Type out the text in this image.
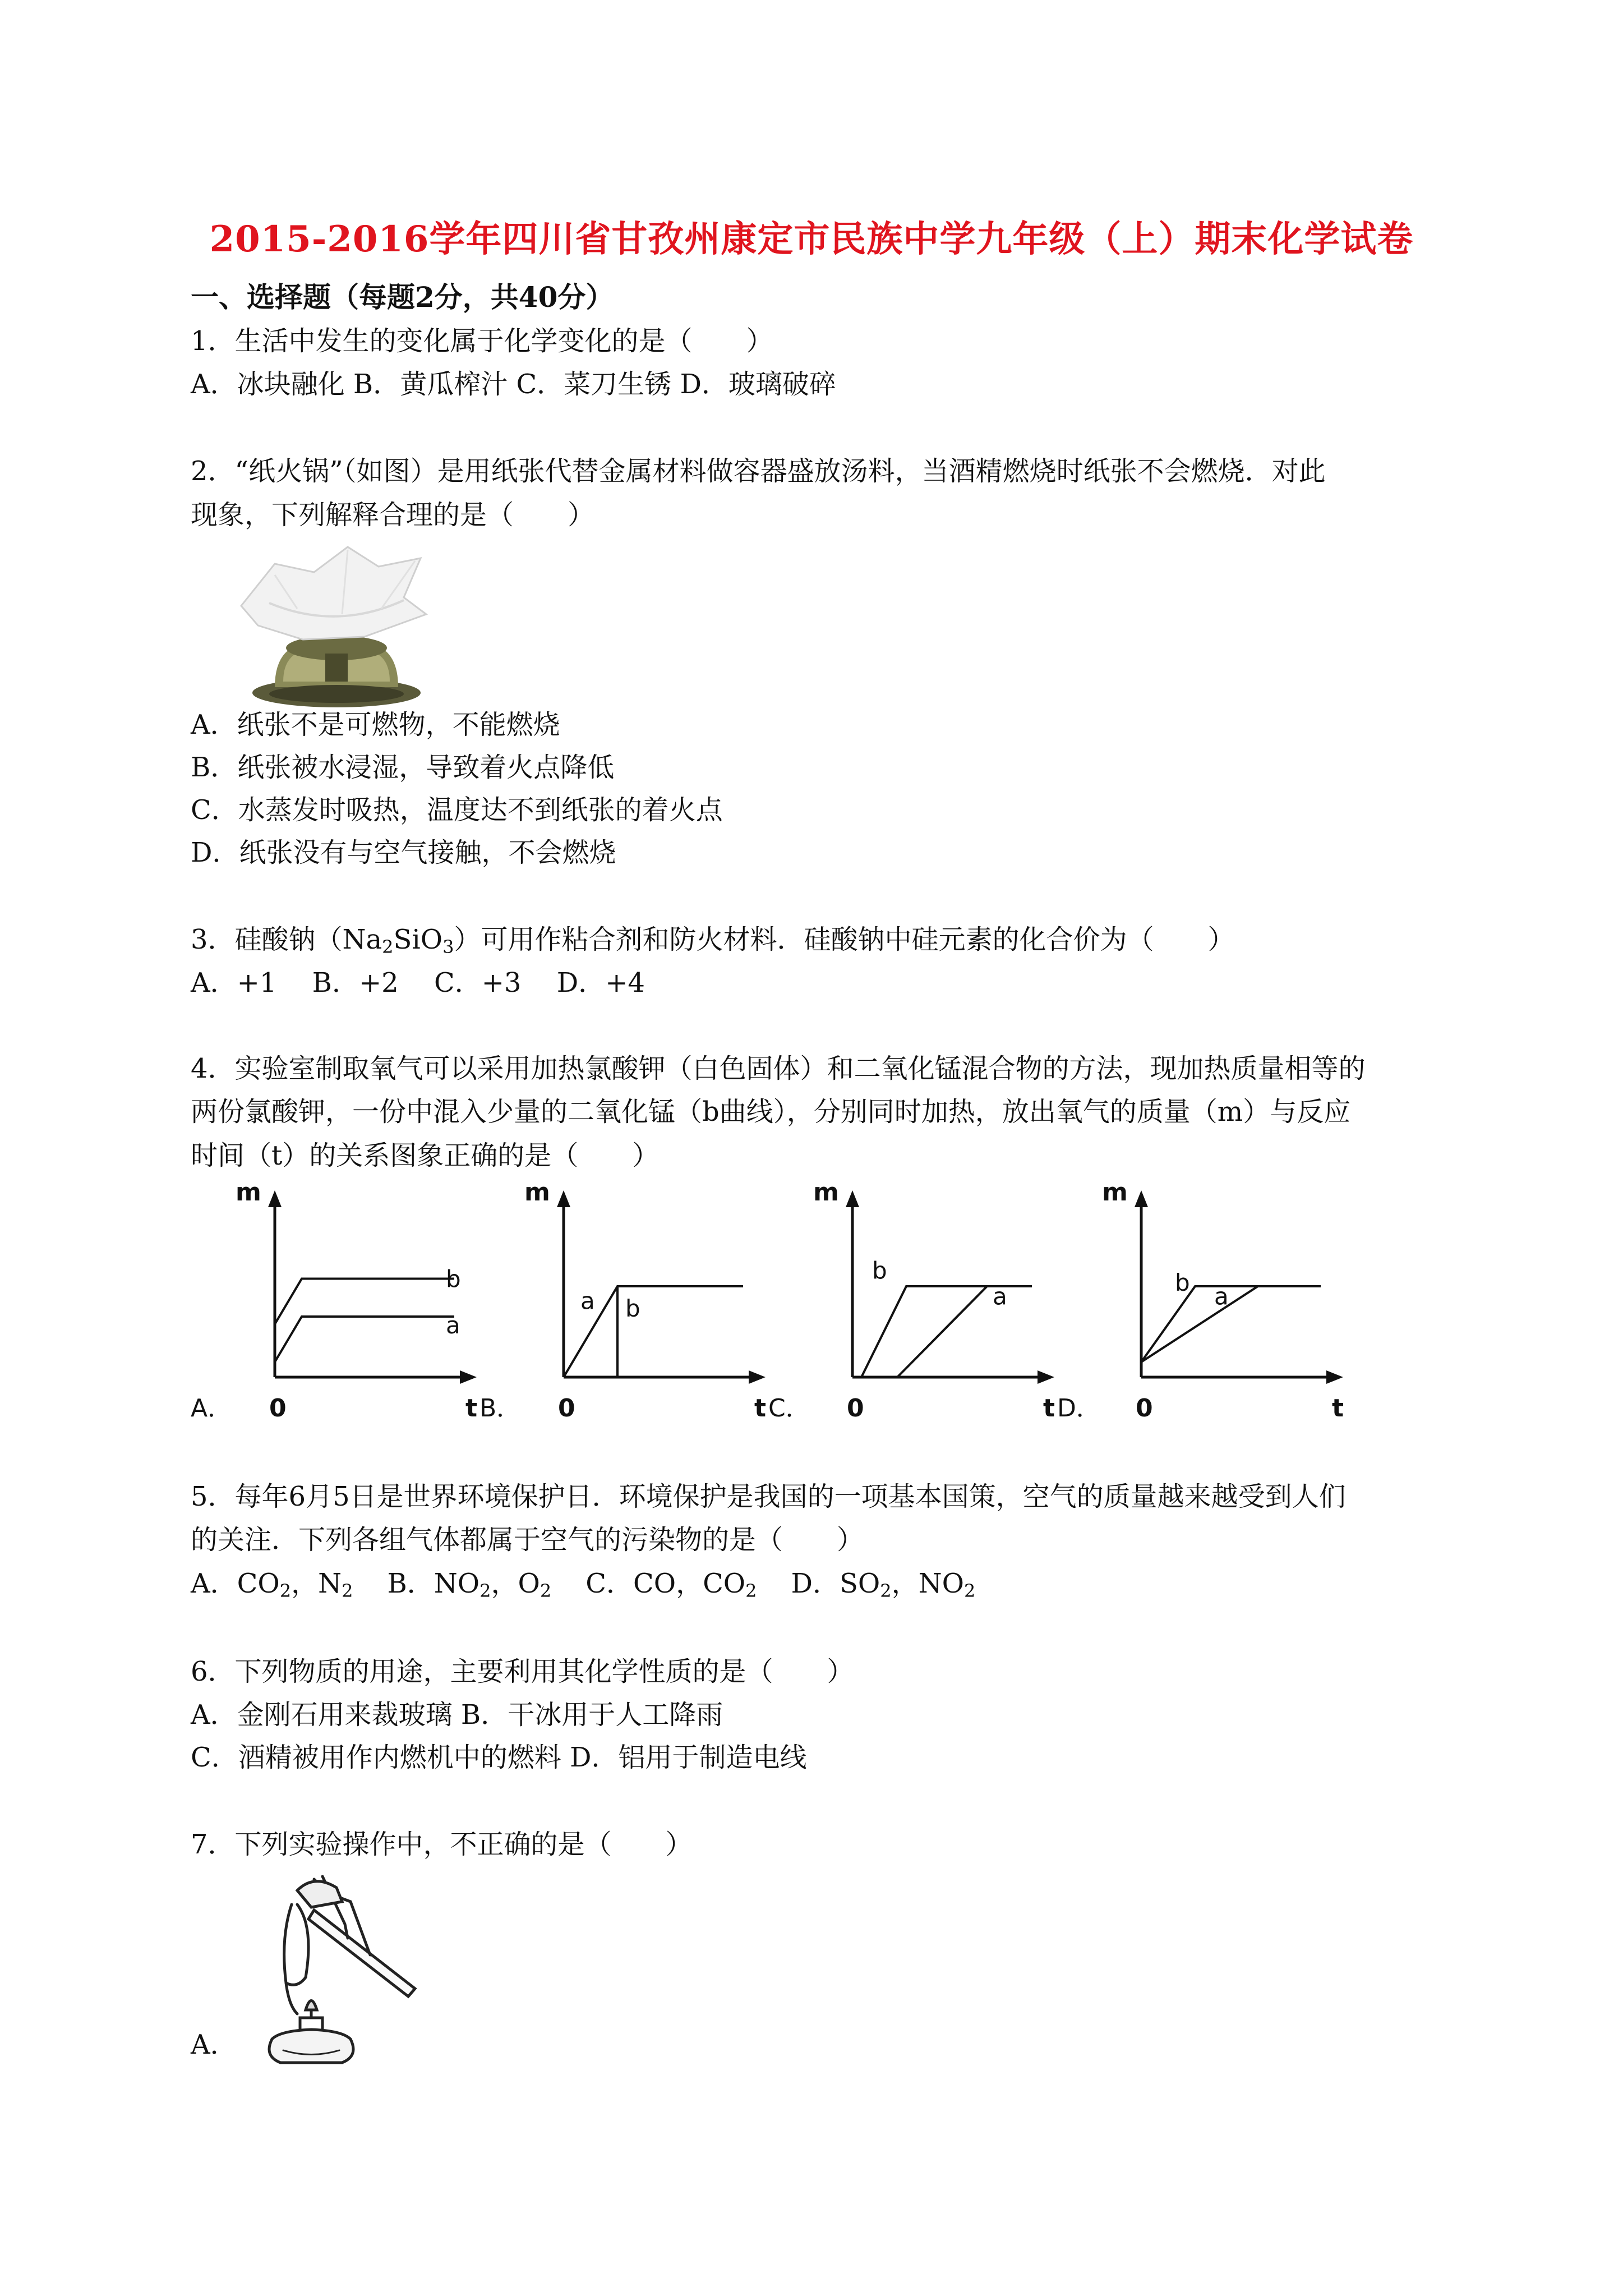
2015-2016学年四川省甘孜州康定市民族中学九年级（上）期末化学试卷
一、选择题（每题2分，共40分）
1．生活中发生的变化属于化学变化的是（　　）
A．冰块融化 B．黄瓜榨汁 C．菜刀生锈 D．玻璃破碎
2．“纸火锅”（如图）是用纸张代替金属材料做容器盛放汤料，当酒精燃烧时纸张不会燃烧．对此
现象，下列解释合理的是（　　）
A．纸张不是可燃物，不能燃烧
B．纸张被水浸湿，导致着火点降低
C．水蒸发时吸热，温度达不到纸张的着火点
D．纸张没有与空气接触，不会燃烧
3．硅酸钠$(Na_2SiO_3)$可用作粘合剂和防火材料．硅酸钠中硅元素的化合价为（　　）
A．+1　 B．+2　 C．+3　 D．+4
4．实验室制取氧气可以采用加热氯酸钾（白色固体）和二氧化锰混合物的方法，现加热质量相等的
两份氯酸钾，一份中混入少量的二氧化锰（b曲线），分别同时加热，放出氧气的质量（m）与反应
时间（t）的关系图象正确的是（　　）
A．
m
t
0
a
b
B．
m
t
0
a b
C．
m
t
0
a
b
D．
m
t
0
a
b
5．每年6月5日是世界环境保护日．环境保护是我国的一项基本国策，空气的质量越来越受到人们
的关注．下列各组气体都属于空气的污染物的是（　　）
A．$CO_2$，$N_2$ B．$NO_2$，$O_2$ C．CO，$CO_2$ D．$SO_2$，$NO_2$
6．下列物质的用途，主要利用其化学性质的是（　　）
A．金刚石用来裁玻璃 B．干冰用于人工降雨
C．酒精被用作内燃机中的燃料 D．铝用于制造电线
7．下列实验操作中，不正确的是（　　）
A．
